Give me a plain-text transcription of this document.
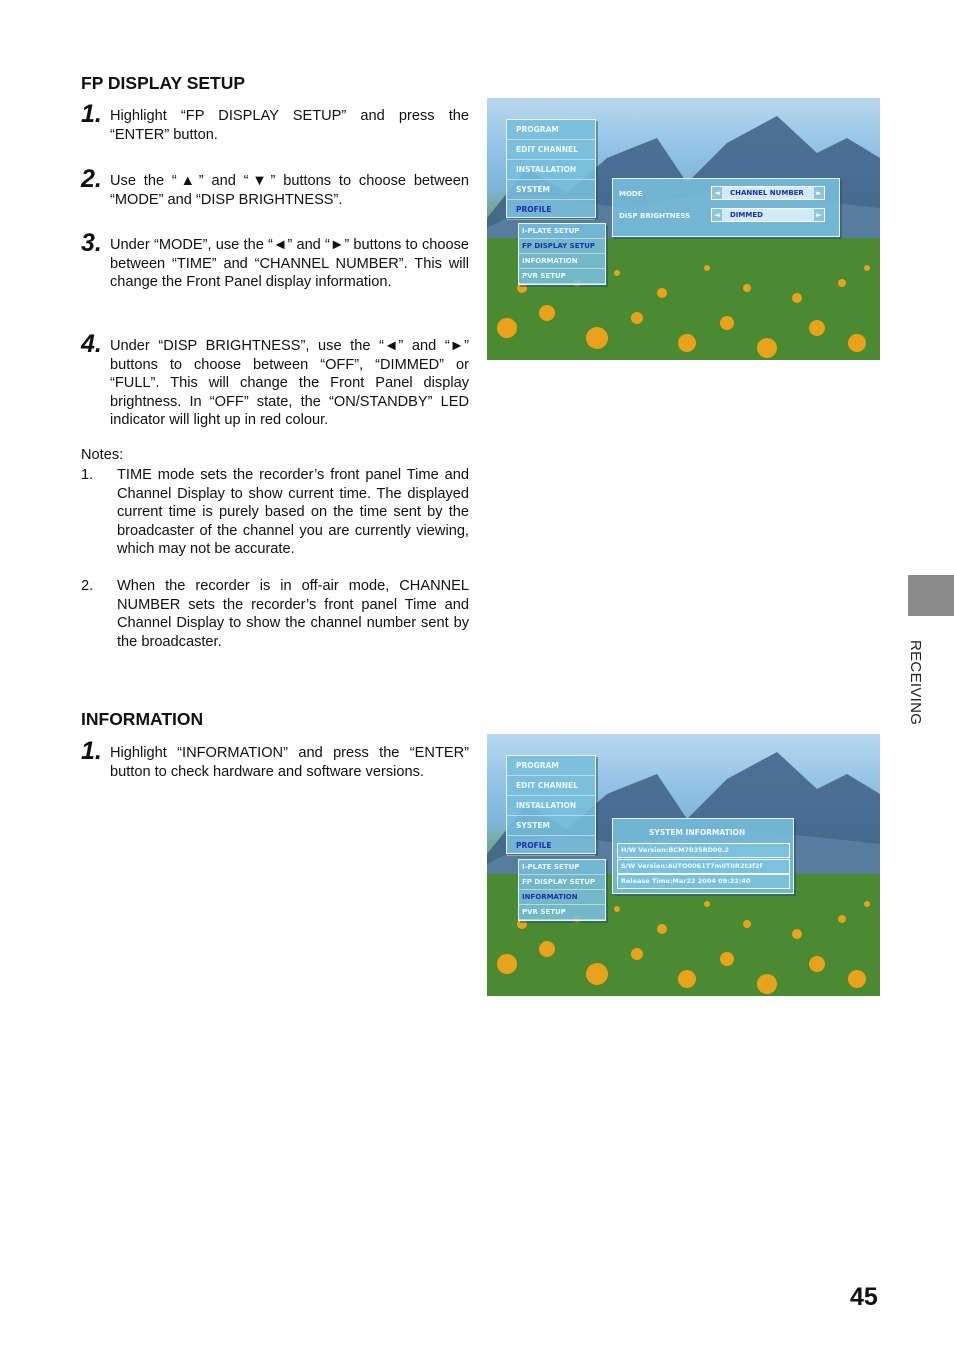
FP DISPLAY SETUP
1. Highlight “FP DISPLAY SETUP” and press the “ENTER” button.
2. Use the “▲” and “▼” buttons to choose between “MODE” and “DISP BRIGHTNESS”.
3. Under “MODE”, use the “◄” and “►” buttons to choose between “TIME” and “CHANNEL NUMBER”. This will change the Front Panel display information.
4. Under “DISP BRIGHTNESS”, use the “◄” and “►” buttons to choose between “OFF”, “DIMMED” or “FULL”. This will change the Front Panel display brightness. In “OFF” state, the “ON/STANDBY” LED indicator will light up in red colour.
Notes:
1. TIME mode sets the recorder’s front panel Time and Channel Display to show current time. The displayed current time is purely based on the time sent by the broadcaster of the channel you are currently viewing, which may not be accurate.
2. When the recorder is in off-air mode, CHANNEL NUMBER sets the recorder’s front panel Time and Channel Display to show the channel number sent by the broadcaster.
INFORMATION
1. Highlight “INFORMATION” and press the “ENTER” button to check hardware and software versions.
PROGRAM
EDIT CHANNEL
INSTALLATION
SYSTEM
PROFILE
I-PLATE SETUP
FP DISPLAY SETUP
INFORMATION
PVR SETUP
MODE	◄	CHANNEL NUMBER	►
DISP BRIGHTNESS	◄	DIMMED	►
PROGRAM
EDIT CHANNEL
INSTALLATION
SYSTEM
PROFILE
I-PLATE SETUP
FP DISPLAY SETUP
INFORMATION
PVR SETUP
SYSTEM INFORMATION
H/W Version:BCM7035RD00.2
S/W Version:AUTO0061T7m0T0R2t3f2f
Release Time:Mar22 2004 09:22:40
RECEIVING
45
